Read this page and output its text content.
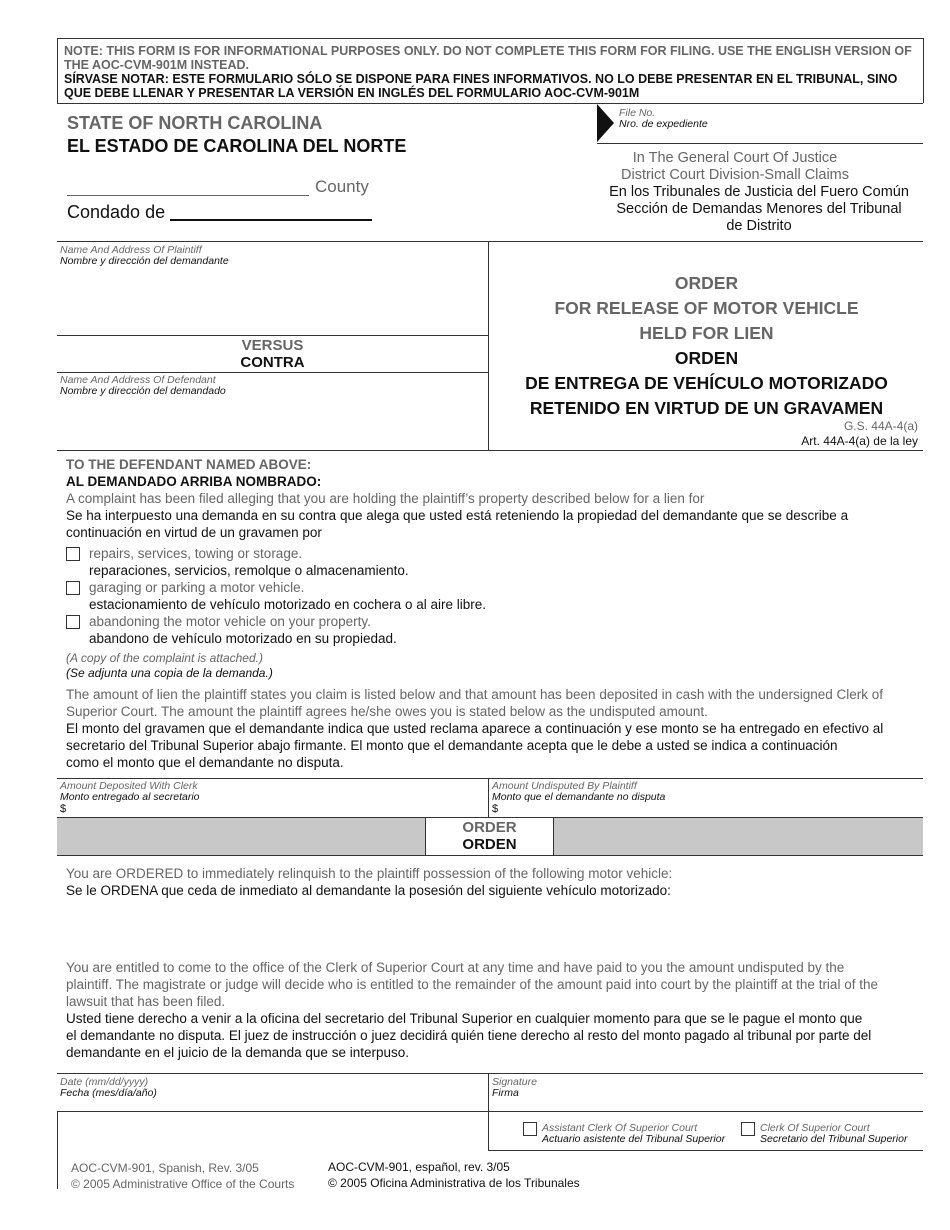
NOTE: THIS FORM IS FOR INFORMATIONAL PURPOSES ONLY. DO NOT COMPLETE THIS FORM FOR FILING. USE THE ENGLISH VERSION OF THE AOC-CVM-901M INSTEAD.
SÍRVASE NOTAR: ESTE FORMULARIO SÓLO SE DISPONE PARA FINES INFORMATIVOS. NO LO DEBE PRESENTAR EN EL TRIBUNAL, SINO QUE DEBE LLENAR Y PRESENTAR LA VERSIÓN EN INGLÉS DEL FORMULARIO AOC-CVM-901M
STATE OF NORTH CAROLINA
EL ESTADO DE CAROLINA DEL NORTE
County
Condado de
File No.
Nro. de expediente
In The General Court Of Justice
District Court Division-Small Claims
En los Tribunales de Justicia del Fuero Común
Sección de Demandas Menores del Tribunal
de Distrito
Name And Address Of Plaintiff
Nombre y dirección del demandante
VERSUS
CONTRA
Name And Address Of Defendant
Nombre y dirección del demandado
ORDER
FOR RELEASE OF MOTOR VEHICLE
HELD FOR LIEN
ORDEN
DE ENTREGA DE VEHÍCULO MOTORIZADO
RETENIDO EN VIRTUD DE UN GRAVAMEN
G.S. 44A-4(a)
Art. 44A-4(a) de la ley
TO THE DEFENDANT NAMED ABOVE:
AL DEMANDADO ARRIBA NOMBRADO:
A complaint has been filed alleging that you are holding the plaintiff’s property described below for a lien for
Se ha interpuesto una demanda en su contra que alega que usted está reteniendo la propiedad del demandante que se describe a
continuación en virtud de un gravamen por
repairs, services, towing or storage.
reparaciones, servicios, remolque o almacenamiento.
garaging or parking a motor vehicle.
estacionamiento de vehículo motorizado en cochera o al aire libre.
abandoning the motor vehicle on your property.
abandono de vehículo motorizado en su propiedad.
(A copy of the complaint is attached.)
(Se adjunta una copia de la demanda.)
The amount of lien the plaintiff states you claim is listed below and that amount has been deposited in cash with the undersigned Clerk of
Superior Court. The amount the plaintiff agrees he/she owes you is stated below as the undisputed amount.
El monto del gravamen que el demandante indica que usted reclama aparece a continuación y ese monto se ha entregado en efectivo al
secretario del Tribunal Superior abajo firmante. El monto que el demandante acepta que le debe a usted se indica a continuación
como el monto que el demandante no disputa.
Amount Deposited With Clerk
Monto entregado al secretario
$
Amount Undisputed By Plaintiff
Monto que el demandante no disputa
$
ORDER
ORDEN
You are ORDERED to immediately relinquish to the plaintiff possession of the following motor vehicle:
Se le ORDENA que ceda de inmediato al demandante la posesión del siguiente vehículo motorizado:
You are entitled to come to the office of the Clerk of Superior Court at any time and have paid to you the amount undisputed by the
plaintiff. The magistrate or judge will decide who is entitled to the remainder of the amount paid into court by the plaintiff at the trial of the
lawsuit that has been filed.
Usted tiene derecho a venir a la oficina del secretario del Tribunal Superior en cualquier momento para que se le pague el monto que
el demandante no disputa. El juez de instrucción o juez decidirá quién tiene derecho al resto del monto pagado al tribunal por parte del
demandante en el juicio de la demanda que se interpuso.
Date (mm/dd/yyyy)
Fecha (mes/día/año)
Signature
Firma
Assistant Clerk Of Superior Court
Actuario asistente del Tribunal Superior
Clerk Of Superior Court
Secretario del Tribunal Superior
AOC-CVM-901, Spanish, Rev. 3/05
© 2005 Administrative Office of the Courts
AOC-CVM-901, español, rev. 3/05
© 2005 Oficina Administrativa de los Tribunales
